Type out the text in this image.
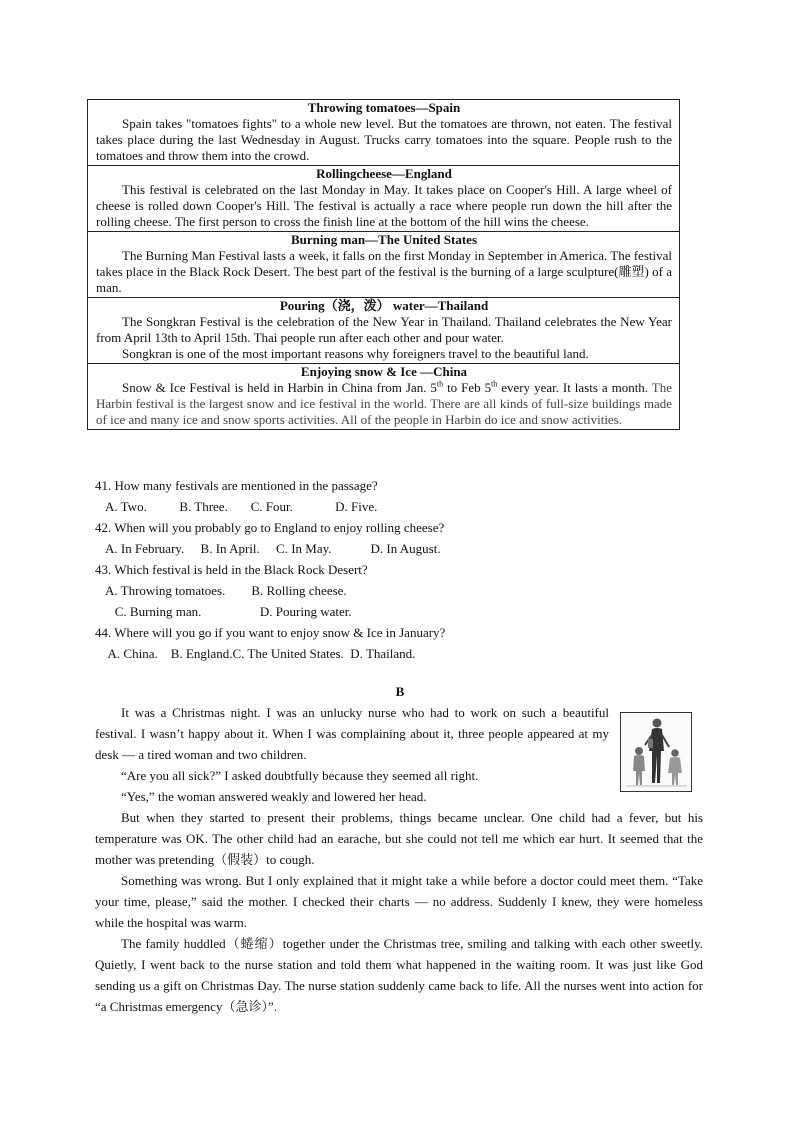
Throwing tomatoes—Spain

Spain takes "tomatoes fights" to a whole new level. But the tomatoes are thrown, not eaten. The festival takes place during the last Wednesday in August. Trucks carry tomatoes into the square. People rush to the tomatoes and throw them into the crowd.

Rollingcheese—England

This festival is celebrated on the last Monday in May. It takes place on Cooper's Hill. A large wheel of cheese is rolled down Cooper's Hill. The festival is actually a race where people run down the hill after the rolling cheese. The first person to cross the finish line at the bottom of the hill wins the cheese.

Burning man—The United States

The Burning Man Festival lasts a week, it falls on the first Monday in September in America. The festival takes place in the Black Rock Desert. The best part of the festival is the burning of a large sculpture(雕塑) of a man.

Pouring（浇，泼） water—Thailand

The Songkran Festival is the celebration of the New Year in Thailand. Thailand celebrates the New Year from April 13th to April 15th. Thai people run after each other and pour water.

Songkran is one of the most important reasons why foreigners travel to the beautiful land.

Enjoying snow & Ice —China

Snow & Ice Festival is held in Harbin in China from Jan. 5th to Feb 5th every year. It lasts a month. The Harbin festival is the largest snow and ice festival in the world. There are all kinds of full-size buildings made of ice and many ice and snow sports activities. All of the people in Harbin do ice and snow activities.

41. How many festivals are mentioned in the passage?
A. Two.          B. Three.       C. Four.             D. Five.
42. When will you probably go to England to enjoy rolling cheese?
A. In February.     B. In April.     C. In May.            D. In August.
43. Which festival is held in the Black Rock Desert?
A. Throwing tomatoes.        B. Rolling cheese.
C. Burning man.                  D. Pouring water.
44. Where will you go if you want to enjoy snow & Ice in January?
A. China.    B. England.C. The United States.  D. Thailand.
B

It was a Christmas night. I was an unlucky nurse who had to work on such a beautiful festival. I wasn’t happy about it. When I was complaining about it, three people appeared at my desk — a tired woman and two children.

“Are you all sick?” I asked doubtfully because they seemed all right.

“Yes,” the woman answered weakly and lowered her head.

But when they started to present their problems, things became unclear. One child had a fever, but his temperature was OK. The other child had an earache, but she could not tell me which ear hurt. It seemed that the mother was pretending（假装）to cough.

Something was wrong. But I only explained that it might take a while before a doctor could meet them. “Take your time, please,” said the mother. I checked their charts — no address. Suddenly I knew, they were homeless while the hospital was warm.

The family huddled（蜷缩）together under the Christmas tree, smiling and talking with each other sweetly. Quietly, I went back to the nurse station and told them what happened in the waiting room. It was just like God sending us a gift on Christmas Day. The nurse station suddenly came back to life. All the nurses went into action for “a Christmas emergency（急诊）”.
